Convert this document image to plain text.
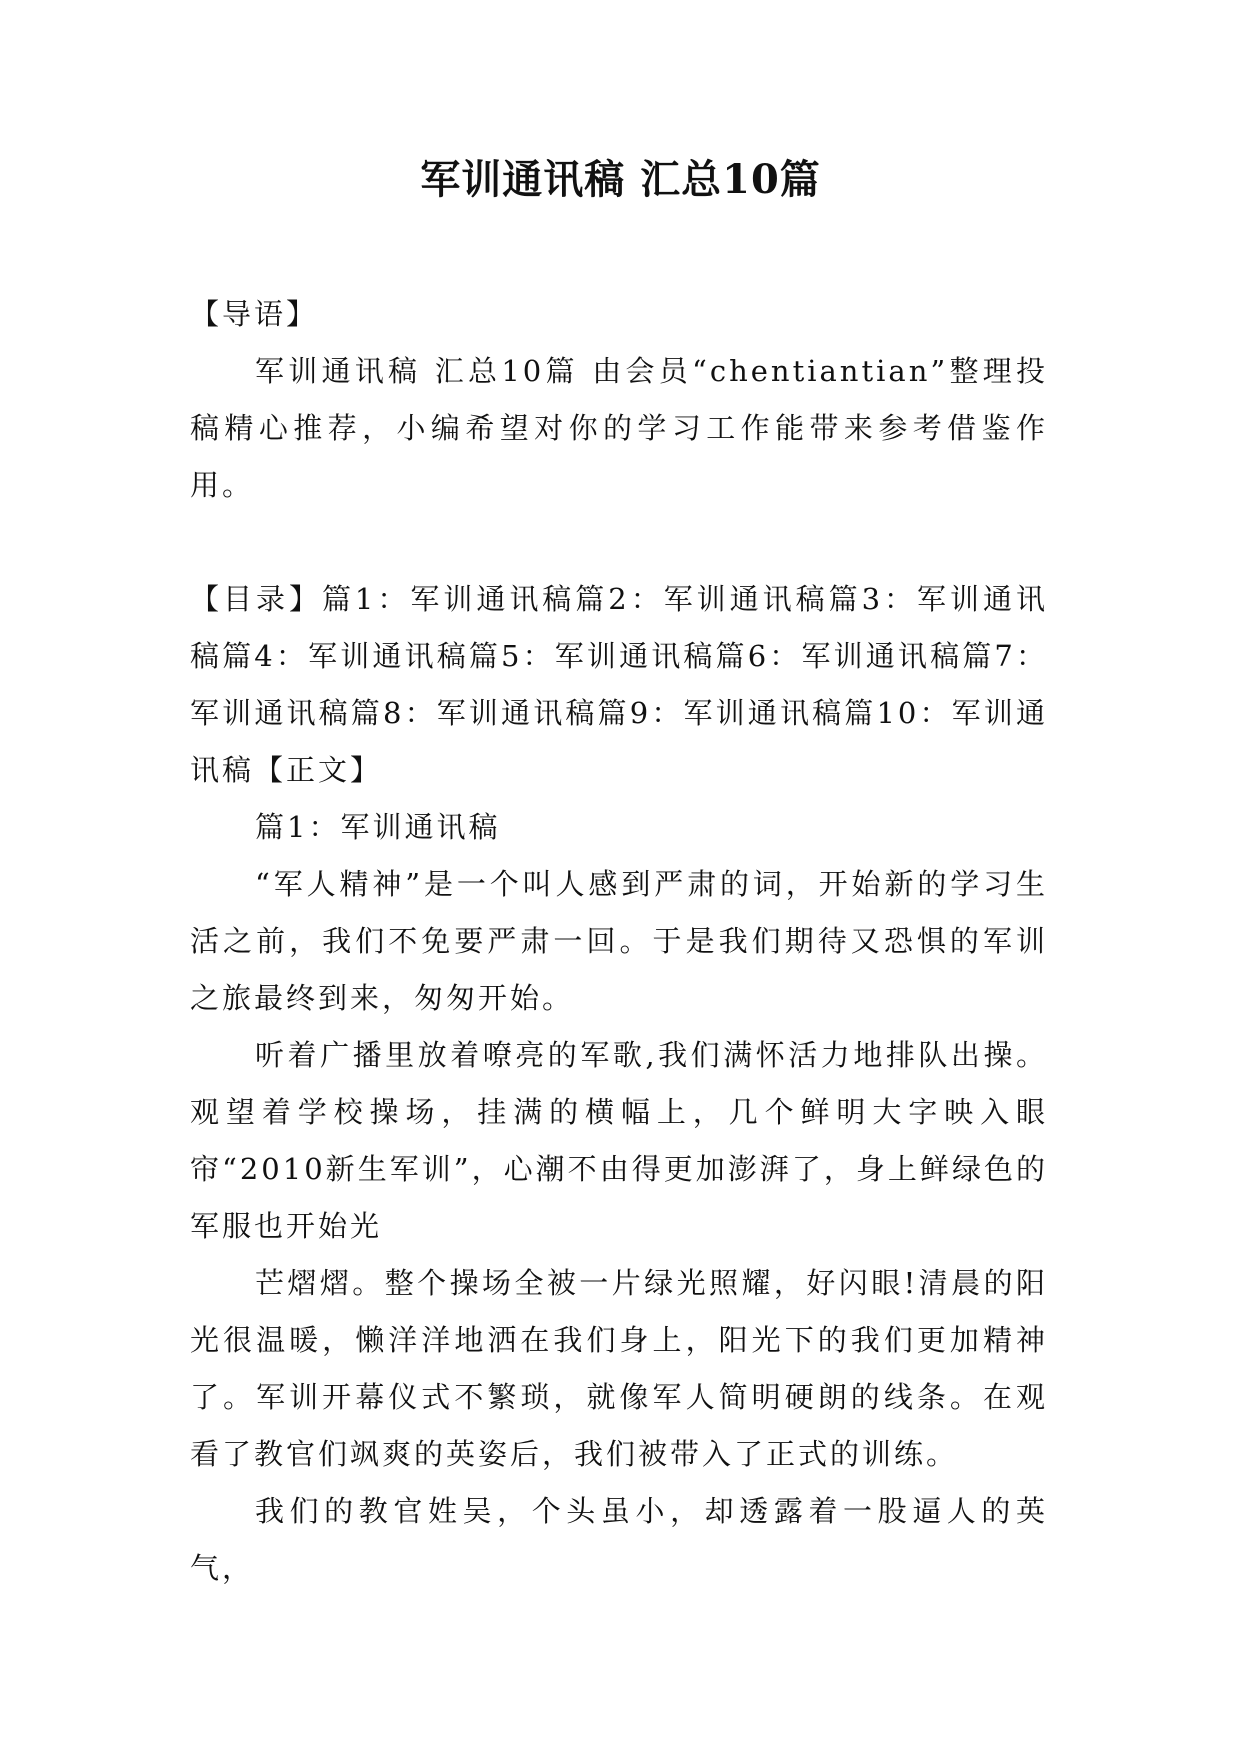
军训通讯稿 汇总10篇

【导语】

军训通讯稿 汇总10篇 由会员“chentiantian”整理投稿精心推荐，小编希望对你的学习工作能带来参考借鉴作用。

【目录】篇1：军训通讯稿篇2：军训通讯稿篇3：军训通讯稿篇4：军训通讯稿篇5：军训通讯稿篇6：军训通讯稿篇7：军训通讯稿篇8：军训通讯稿篇9：军训通讯稿篇10：军训通讯稿【正文】

篇1：军训通讯稿

“军人精神”是一个叫人感到严肃的词，开始新的学习生活之前，我们不免要严肃一回。于是我们期待又恐惧的军训之旅最终到来，匆匆开始。

听着广播里放着嘹亮的军歌,我们满怀活力地排队出操。观望着学校操场，挂满的横幅上，几个鲜明大字映入眼帘“2010新生军训”，心潮不由得更加澎湃了，身上鲜绿色的军服也开始光

芒熠熠。整个操场全被一片绿光照耀，好闪眼!清晨的阳光很温暖，懒洋洋地洒在我们身上，阳光下的我们更加精神了。军训开幕仪式不繁琐，就像军人简明硬朗的线条。在观看了教官们飒爽的英姿后，我们被带入了正式的训练。

我们的教官姓吴，个头虽小，却透露着一股逼人的英气，
